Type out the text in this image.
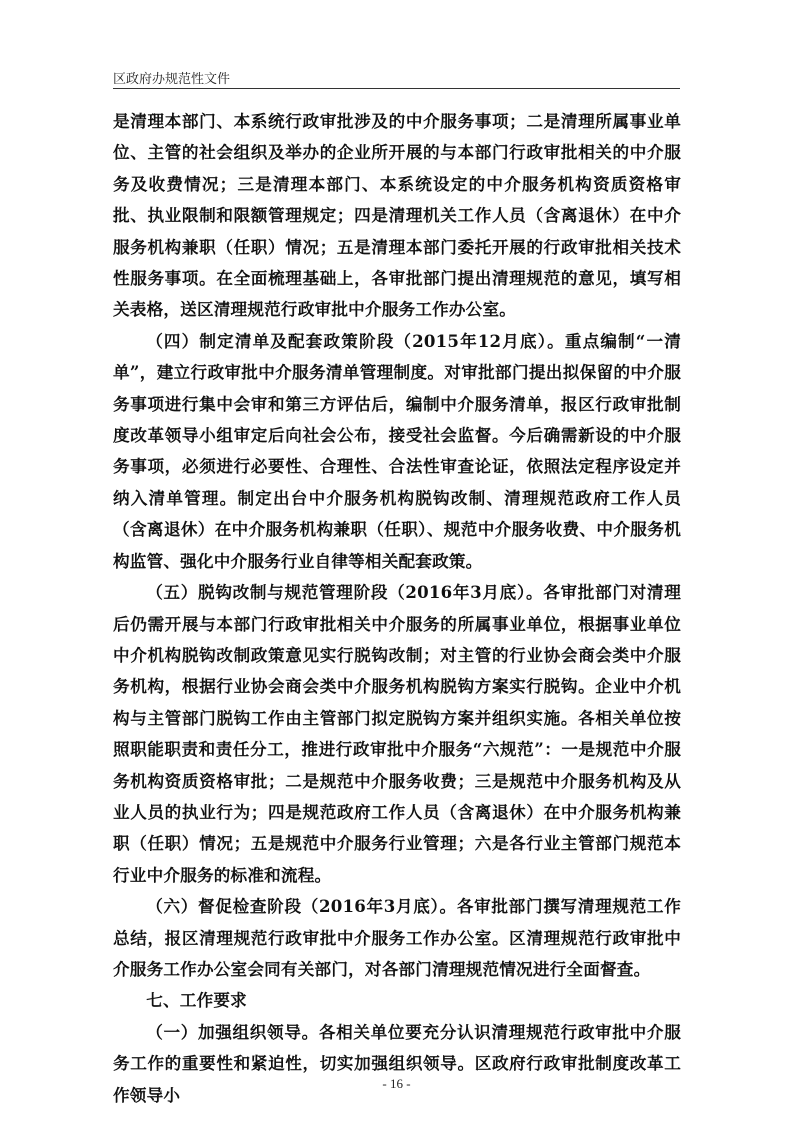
区政府办规范性文件

是清理本部门、本系统行政审批涉及的中介服务事项；二是清理所属事业单位、主管的社会组织及举办的企业所开展的与本部门行政审批相关的中介服务及收费情况；三是清理本部门、本系统设定的中介服务机构资质资格审批、执业限制和限额管理规定；四是清理机关工作人员（含离退休）在中介服务机构兼职（任职）情况；五是清理本部门委托开展的行政审批相关技术性服务事项。在全面梳理基础上，各审批部门提出清理规范的意见，填写相关表格，送区清理规范行政审批中介服务工作办公室。

（四）制定清单及配套政策阶段（2015年12月底）。重点编制“一清单”，建立行政审批中介服务清单管理制度。对审批部门提出拟保留的中介服务事项进行集中会审和第三方评估后，编制中介服务清单，报区行政审批制度改革领导小组审定后向社会公布，接受社会监督。今后确需新设的中介服务事项，必须进行必要性、合理性、合法性审查论证，依照法定程序设定并纳入清单管理。制定出台中介服务机构脱钩改制、清理规范政府工作人员（含离退休）在中介服务机构兼职（任职）、规范中介服务收费、中介服务机构监管、强化中介服务行业自律等相关配套政策。

（五）脱钩改制与规范管理阶段（2016年3月底）。各审批部门对清理后仍需开展与本部门行政审批相关中介服务的所属事业单位，根据事业单位中介机构脱钩改制政策意见实行脱钩改制；对主管的行业协会商会类中介服务机构，根据行业协会商会类中介服务机构脱钩方案实行脱钩。企业中介机构与主管部门脱钩工作由主管部门拟定脱钩方案并组织实施。各相关单位按照职能职责和责任分工，推进行政审批中介服务“六规范”：一是规范中介服务机构资质资格审批；二是规范中介服务收费；三是规范中介服务机构及从业人员的执业行为；四是规范政府工作人员（含离退休）在中介服务机构兼职（任职）情况；五是规范中介服务行业管理；六是各行业主管部门规范本行业中介服务的标准和流程。

（六）督促检查阶段（2016年3月底）。各审批部门撰写清理规范工作总结，报区清理规范行政审批中介服务工作办公室。区清理规范行政审批中介服务工作办公室会同有关部门，对各部门清理规范情况进行全面督查。

七、工作要求

（一）加强组织领导。各相关单位要充分认识清理规范行政审批中介服务工作的重要性和紧迫性，切实加强组织领导。区政府行政审批制度改革工作领导小

- 16 -
